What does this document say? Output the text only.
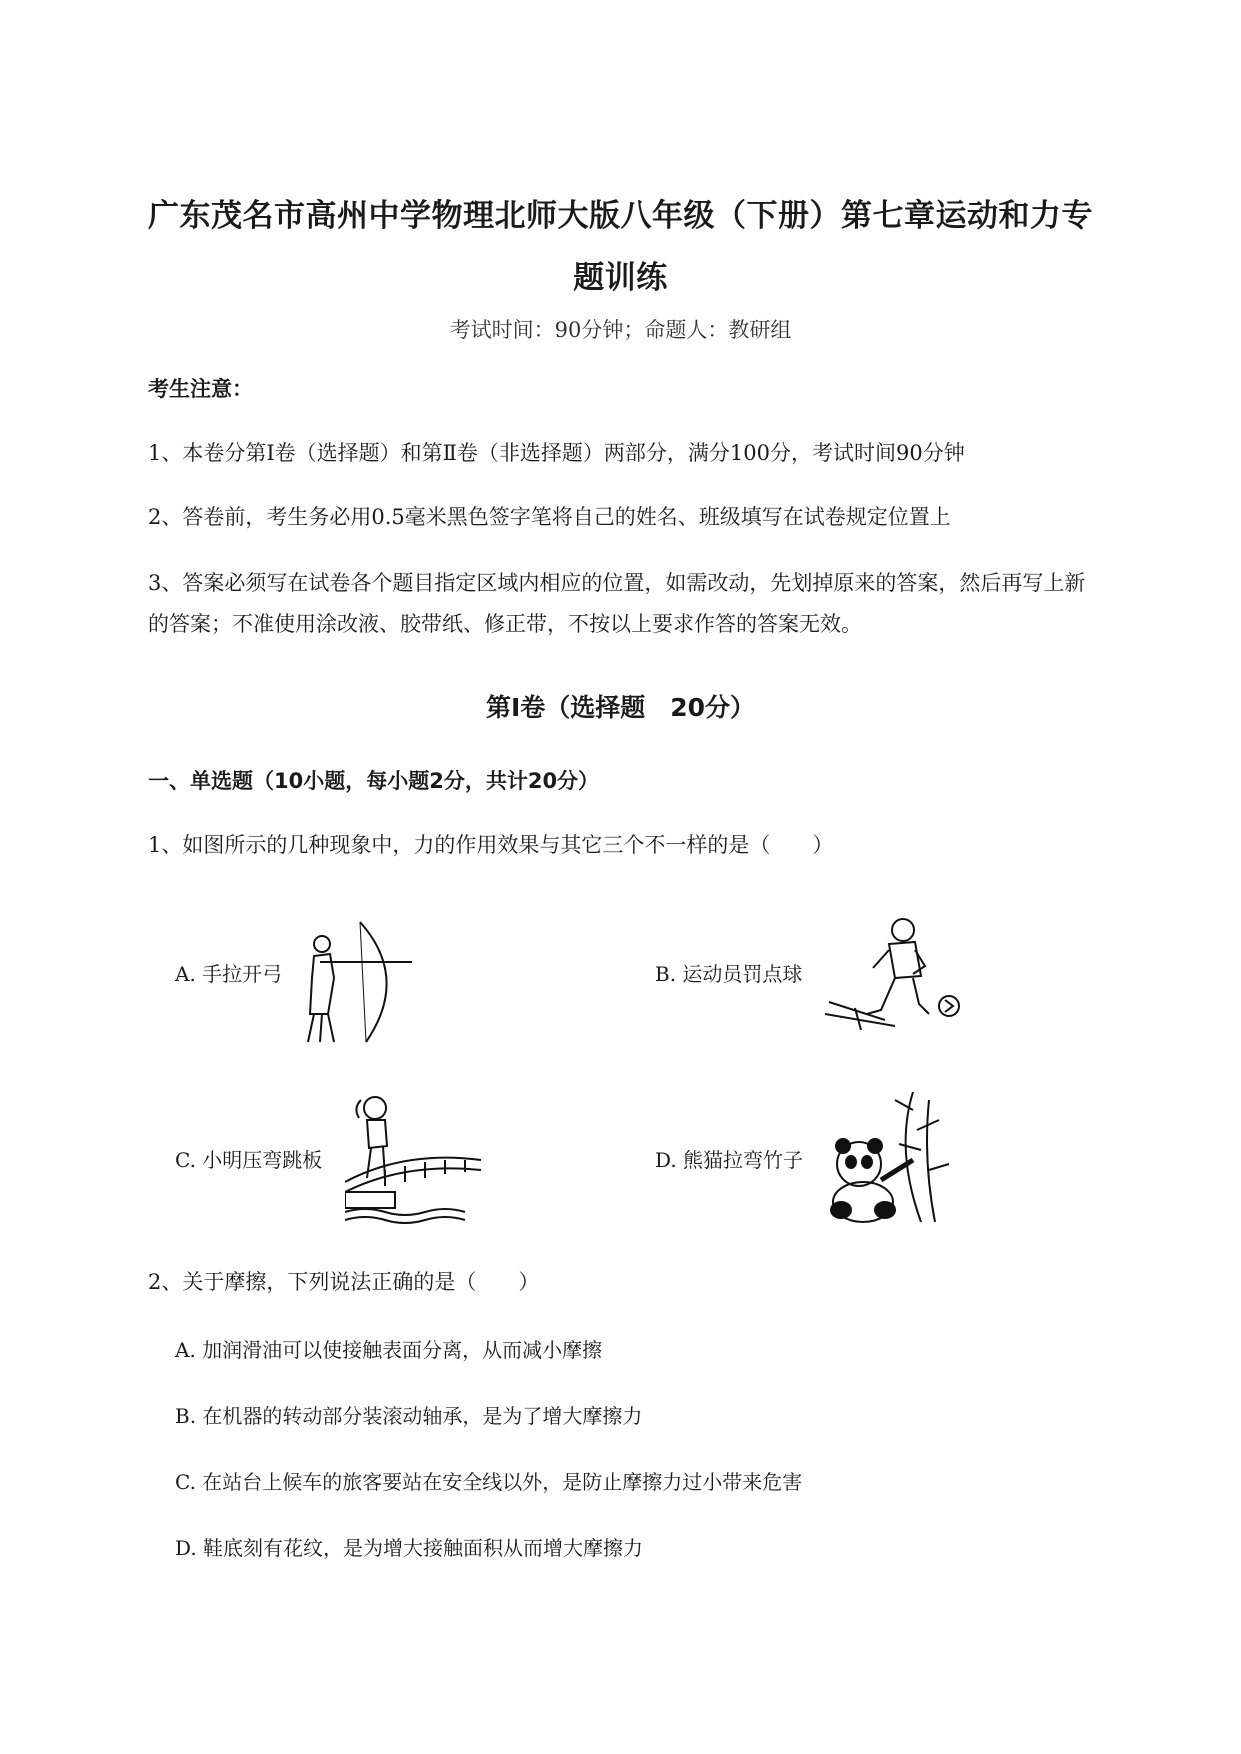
广东茂名市高州中学物理北师大版八年级（下册）第七章运动和力专
题训练
考试时间：90分钟；命题人：教研组
考生注意：
1、本卷分第Ⅰ卷（选择题）和第Ⅱ卷（非选择题）两部分，满分100分，考试时间90分钟
2、答卷前，考生务必用0.5毫米黑色签字笔将自己的姓名、班级填写在试卷规定位置上
3、答案必须写在试卷各个题目指定区域内相应的位置，如需改动，先划掉原来的答案，然后再写上新
的答案；不准使用涂改液、胶带纸、修正带，不按以上要求作答的答案无效。
第Ⅰ卷（选择题　20分）
一、单选题（10小题，每小题2分，共计20分）
1、如图所示的几种现象中，力的作用效果与其它三个不一样的是（　　）
A. 手拉开弓	B. 运动员罚点球
C. 小明压弯跳板	D. 熊猫拉弯竹子
2、关于摩擦，下列说法正确的是（　　）
A. 加润滑油可以使接触表面分离，从而减小摩擦
B. 在机器的转动部分装滚动轴承，是为了增大摩擦力
C. 在站台上候车的旅客要站在安全线以外，是防止摩擦力过小带来危害
D. 鞋底刻有花纹，是为增大接触面积从而增大摩擦力
